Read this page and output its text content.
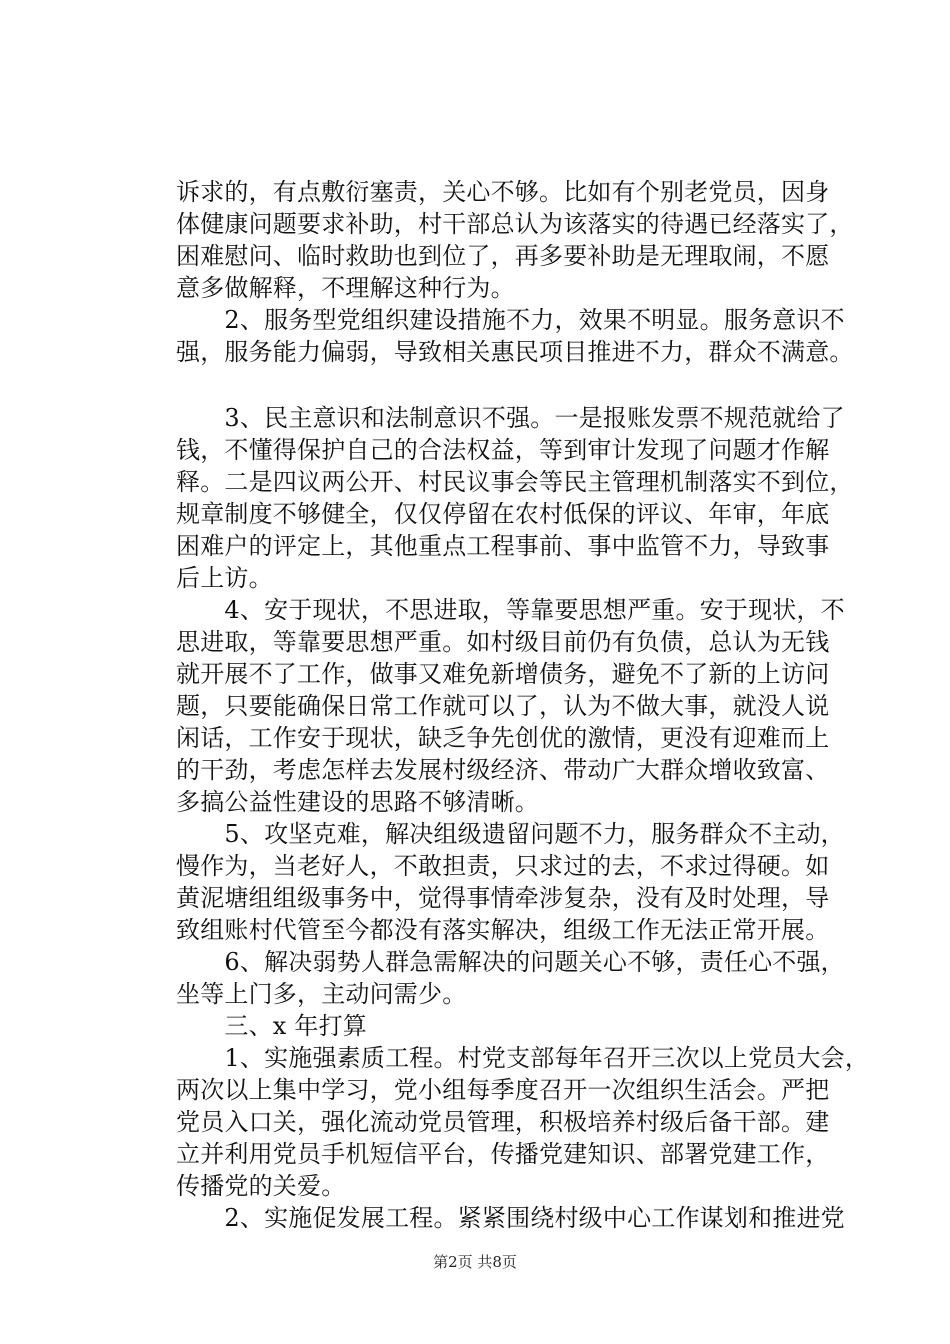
诉求的，有点敷衍塞责，关心不够。比如有个别老党员，因身
体健康问题要求补助，村干部总认为该落实的待遇已经落实了，
困难慰问、临时救助也到位了，再多要补助是无理取闹，不愿
意多做解释，不理解这种行为。
　　2、服务型党组织建设措施不力，效果不明显。服务意识不
强，服务能力偏弱，导致相关惠民项目推进不力，群众不满意。
　　3、民主意识和法制意识不强。一是报账发票不规范就给了
钱，不懂得保护自己的合法权益，等到审计发现了问题才作解
释。二是四议两公开、村民议事会等民主管理机制落实不到位，
规章制度不够健全，仅仅停留在农村低保的评议、年审，年底
困难户的评定上，其他重点工程事前、事中监管不力，导致事
后上访。
　　4、安于现状，不思进取，等靠要思想严重。安于现状，不
思进取，等靠要思想严重。如村级目前仍有负债，总认为无钱
就开展不了工作，做事又难免新增债务，避免不了新的上访问
题，只要能确保日常工作就可以了，认为不做大事，就没人说
闲话，工作安于现状，缺乏争先创优的激情，更没有迎难而上
的干劲，考虑怎样去发展村级经济、带动广大群众增收致富、
多搞公益性建设的思路不够清晰。
　　5、攻坚克难，解决组级遗留问题不力，服务群众不主动，
慢作为，当老好人，不敢担责，只求过的去，不求过得硬。如
黄泥塘组组级事务中，觉得事情牵涉复杂，没有及时处理，导
致组账村代管至今都没有落实解决，组级工作无法正常开展。
　　6、解决弱势人群急需解决的问题关心不够，责任心不强，
坐等上门多，主动问需少。
　　三、x 年打算
　　1、实施强素质工程。村党支部每年召开三次以上党员大会，
两次以上集中学习，党小组每季度召开一次组织生活会。严把
党员入口关，强化流动党员管理，积极培养村级后备干部。建
立并利用党员手机短信平台，传播党建知识、部署党建工作，
传播党的关爱。
　　2、实施促发展工程。紧紧围绕村级中心工作谋划和推进党
第2页 共8页
